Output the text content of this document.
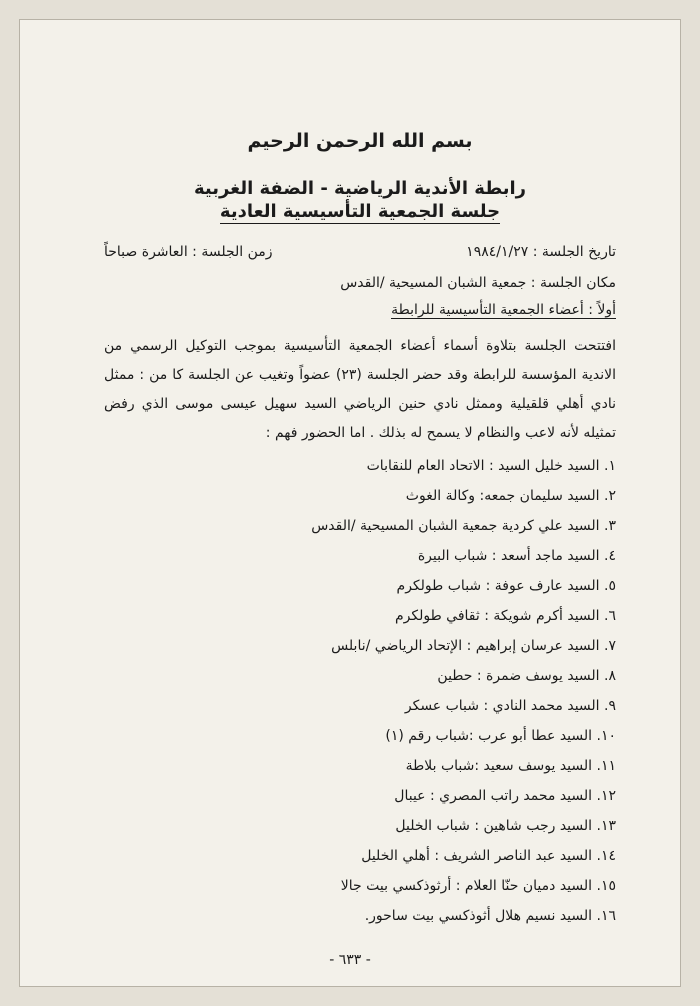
بسم الله الرحمن الرحيم
رابطة الأندية الرياضية - الضفة الغربية
جلسة الجمعية التأسيسية العادية
تاريخ الجلسة : ١٩٨٤/١/٢٧
زمن الجلسة : العاشرة صباحاً
مكان الجلسة : جمعية الشبان المسيحية /القدس
أولاً : أعضاء الجمعية التأسيسية للرابطة
افتتحت الجلسة بتلاوة أسماء أعضاء الجمعية التأسيسية بموجب التوكيل الرسمي من الاندية المؤسسة للرابطة وقد حضر الجلسة (٢٣) عضواً وتغيب عن الجلسة كا من : ممثل نادي أهلي قلقيلية وممثل نادي حنين الرياضي السيد سهيل عيسى موسى الذي رفض تمثيله لأنه لاعب والنظام لا يسمح له بذلك . اما الحضور فهم :
١. السيد خليل السيد : الاتحاد العام للنقابات
٢. السيد سليمان جمعه: وكالة الغوث
٣. السيد علي كردية جمعية الشبان المسيحية /القدس
٤. السيد ماجد أسعد : شباب البيرة
٥. السيد عارف عوفة : شباب طولكرم
٦. السيد أكرم شويكة : ثقافي طولكرم
٧. السيد عرسان إبراهيم : الإتحاد الرياضي /نابلس
٨. السيد يوسف ضمرة : حطين
٩. السيد محمد النادي : شباب عسكر
١٠. السيد عطا أبو عرب :شباب رقم (١)
١١. السيد يوسف سعيد :شباب بلاطة
١٢. السيد محمد راتب المصري : عيبال
١٣. السيد رجب شاهين : شباب الخليل
١٤. السيد عبد الناصر الشريف : أهلي الخليل
١٥. السيد دميان حنّا العلام : أرثوذكسي بيت جالا
١٦. السيد نسيم هلال أثوذكسي بيت ساحور.
- ٦٣٣ -
